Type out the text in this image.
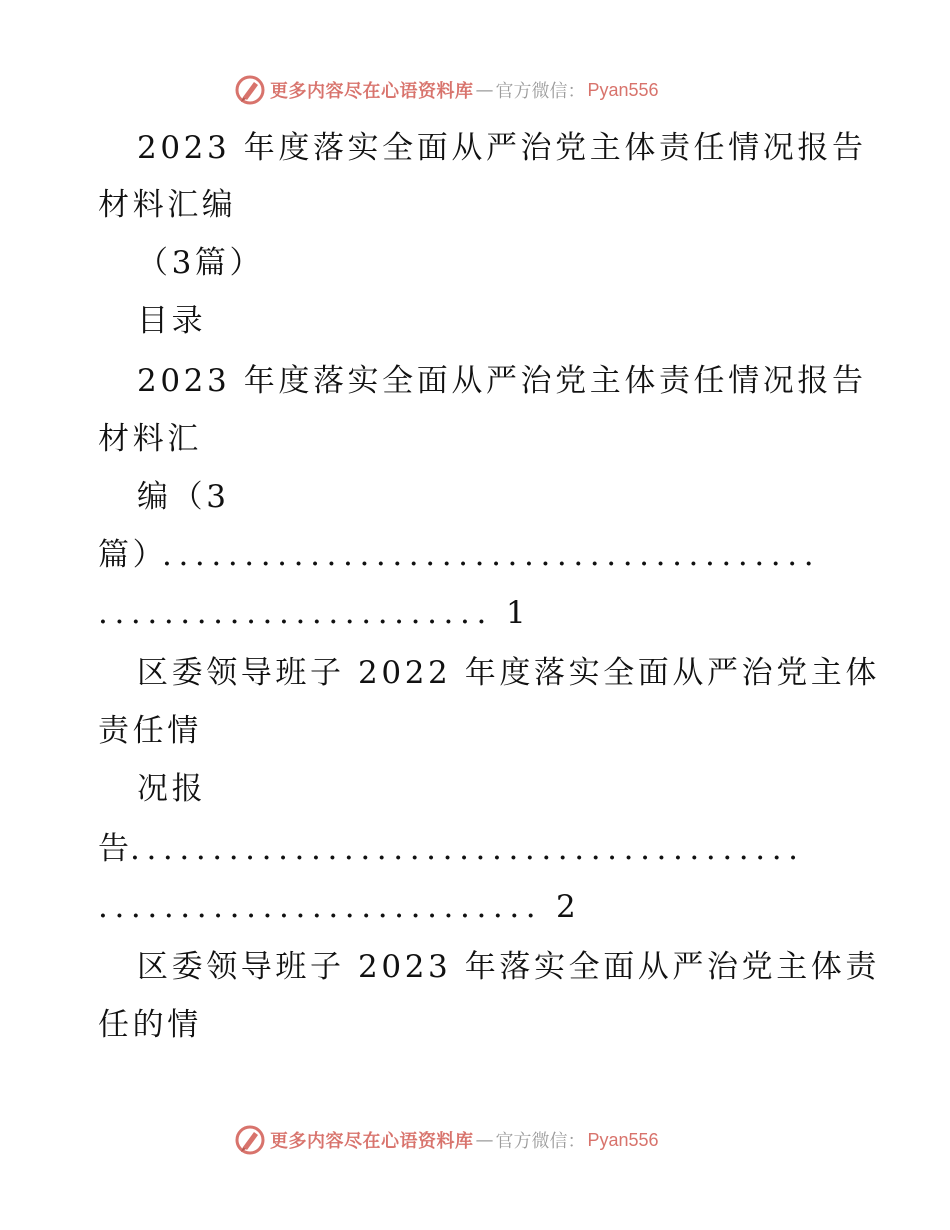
更多内容尽在心语资料库 — 官方微信： Pyan556
2023 年度落实全面从严治党主体责任情况报告
材料汇编
（3篇）
目录
2023 年度落实全面从严治党主体责任情况报告
材料汇
编（3
篇）
........................................
........................ 1
区委领导班子 2022 年度落实全面从严治党主体
责任情
况报
告
.........................................
........................... 2
区委领导班子 2023 年落实全面从严治党主体责
任的情
更多内容尽在心语资料库 — 官方微信： Pyan556
